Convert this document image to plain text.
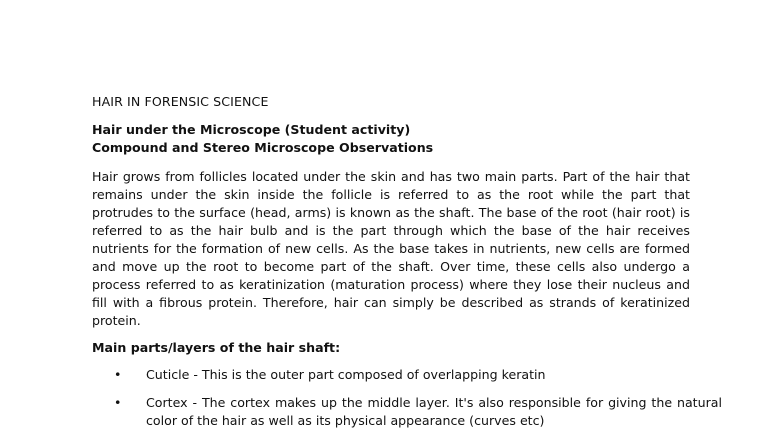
HAIR IN FORENSIC SCIENCE
Hair under the Microscope (Student activity)
Compound and Stereo Microscope Observations

Hair grows from follicles located under the skin and has two main parts. Part of the hair that remains under the skin inside the follicle is referred to as the root while the part that protrudes to the surface (head, arms) is known as the shaft. The base of the root (hair root) is referred to as the hair bulb and is the part through which the base of the hair receives nutrients for the formation of new cells. As the base takes in nutrients, new cells are formed and move up the root to become part of the shaft. Over time, these cells also undergo a process referred to as keratinization (maturation process) where they lose their nucleus and fill with a fibrous protein. Therefore, hair can simply be described as strands of keratinized protein.

Main parts/layers of the hair shaft:
•	Cuticle - This is the outer part composed of overlapping keratin
•	Cortex - The cortex makes up the middle layer. It's also responsible for giving the natural color of the hair as well as its physical appearance (curves etc)
